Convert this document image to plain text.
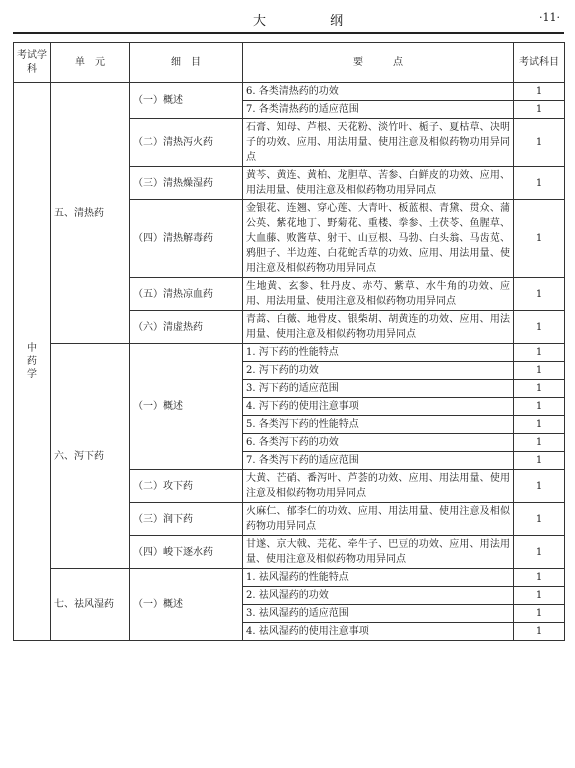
大 纲	·11·
考试学科	单　元	细　目	要　　　点	考试科目
中药学	五、清热药	（一）概述	6. 各类清热药的功效	1
			7. 各类清热药的适应范围	1
		（二）清热泻火药	石膏、知母、芦根、天花粉、淡竹叶、栀子、夏枯草、决明子的功效、应用、用法用量、使用注意及相似药物功用异同点	1
		（三）清热燥湿药	黄芩、黄连、黄柏、龙胆草、苦参、白鲜皮的功效、应用、用法用量、使用注意及相似药物功用异同点	1
		（四）清热解毒药	金银花、连翘、穿心莲、大青叶、板蓝根、青黛、贯众、蒲公英、紫花地丁、野菊花、重楼、拳参、土茯苓、鱼腥草、大血藤、败酱草、射干、山豆根、马勃、白头翁、马齿苋、鸦胆子、半边莲、白花蛇舌草的功效、应用、用法用量、使用注意及相似药物功用异同点	1
		（五）清热凉血药	生地黄、玄参、牡丹皮、赤芍、紫草、水牛角的功效、应用、用法用量、使用注意及相似药物功用异同点	1
		（六）清虚热药	青蒿、白薇、地骨皮、银柴胡、胡黄连的功效、应用、用法用量、使用注意及相似药物功用异同点	1
	六、泻下药	（一）概述	1. 泻下药的性能特点	1
			2. 泻下药的功效	1
			3. 泻下药的适应范围	1
			4. 泻下药的使用注意事项	1
			5. 各类泻下药的性能特点	1
			6. 各类泻下药的功效	1
			7. 各类泻下药的适应范围	1
		（二）攻下药	大黄、芒硝、番泻叶、芦荟的功效、应用、用法用量、使用注意及相似药物功用异同点	1
		（三）润下药	火麻仁、郁李仁的功效、应用、用法用量、使用注意及相似药物功用异同点	1
		（四）峻下逐水药	甘遂、京大戟、芫花、牵牛子、巴豆的功效、应用、用法用量、使用注意及相似药物功用异同点	1
	七、祛风湿药	（一）概述	1. 祛风湿药的性能特点	1
			2. 祛风湿药的功效	1
			3. 祛风湿药的适应范围	1
			4. 祛风湿药的使用注意事项	1
